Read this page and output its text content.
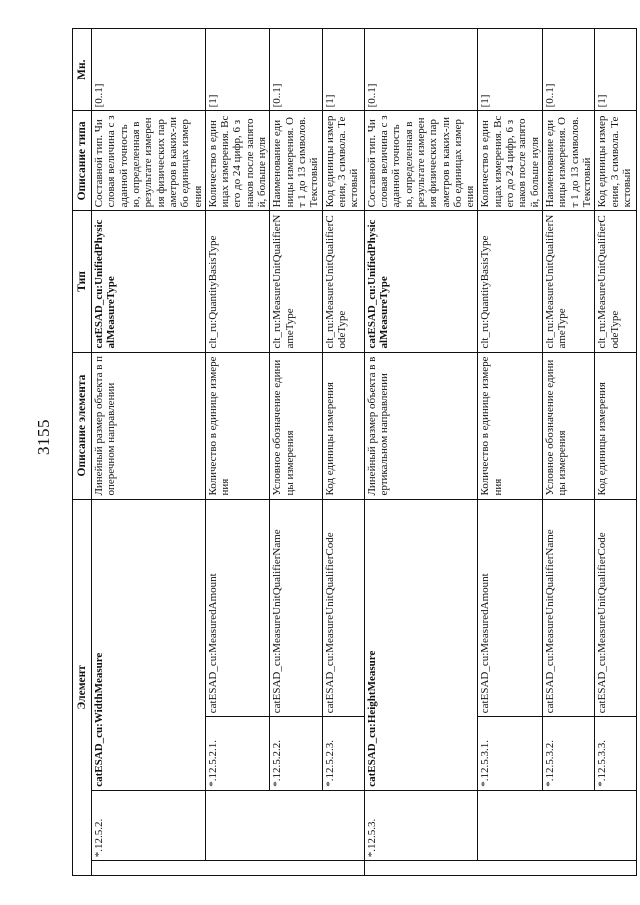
3155
Элемент				Описание элемента	Тип	Описание типа	Мн.
	*.12.5.2.	catESAD_cu:WidthMeasure		Линейный размер объекта в поперечном направлении	catESAD_cu:UnifiedPhysicalMeasureType	Составной тип. Числовая величина с заданной точностью, определенная в результате измерения физических параметров в каких-либо единицах измерения	[0..1]
		*.12.5.2.1.	catESAD_cu:MeasuredAmount	Количество в единице измерения	clt_ru:QuantityBasisType	Количество в единицах измерения. Всего до 24 цифр, 6 знаков после запятой, больше нуля	[1]
		*.12.5.2.2.	catESAD_cu:MeasureUnitQualifierName	Условное обозначение единицы измерения	clt_ru:MeasureUnitQualifierNameType	Наименование единицы измерения. От 1 до 13 символов. Текстовый	[0..1]
		*.12.5.2.3.	catESAD_cu:MeasureUnitQualifierCode	Код единицы измерения	clt_ru:MeasureUnitQualifierCodeType	Код единицы измерения, 3 символа. Текстовый	[1]
	*.12.5.3.	catESAD_cu:HeightMeasure		Линейный размер объекта в вертикальном направлении	catESAD_cu:UnifiedPhysicalMeasureType	Составной тип. Числовая величина с заданной точностью, определенная в результате измерения физических параметров в каких-либо единицах измерения	[0..1]
		*.12.5.3.1.	catESAD_cu:MeasuredAmount	Количество в единице измерения	clt_ru:QuantityBasisType	Количество в единицах измерения. Всего до 24 цифр, 6 знаков после запятой, больше нуля	[1]
		*.12.5.3.2.	catESAD_cu:MeasureUnitQualifierName	Условное обозначение единицы измерения	clt_ru:MeasureUnitQualifierNameType	Наименование единицы измерения. От 1 до 13 символов. Текстовый	[0..1]
		*.12.5.3.3.	catESAD_cu:MeasureUnitQualifierCode	Код единицы измерения	clt_ru:MeasureUnitQualifierCodeType	Код единицы измерения, 3 символа. Текстовый	[1]
